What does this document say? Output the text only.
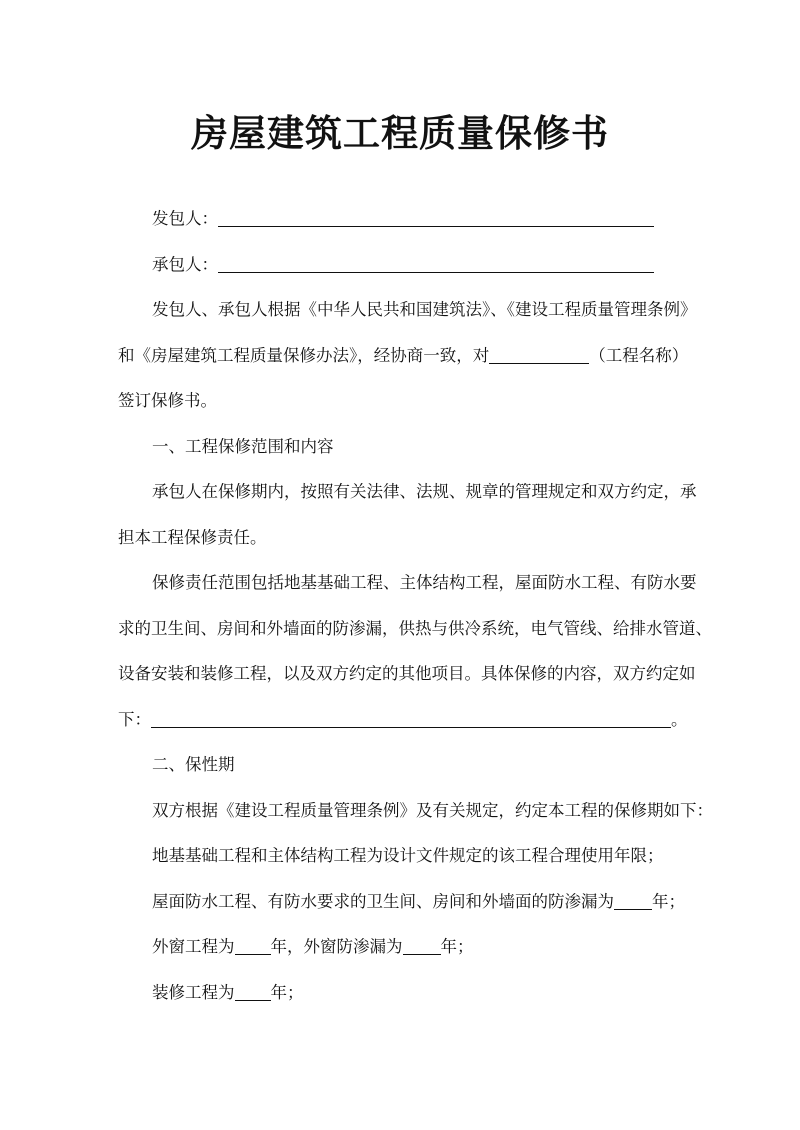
房屋建筑工程质量保修书
发包人：
承包人：
发包人、承包人根据《中华人民共和国建筑法》、《建设工程质量管理条例》
和《房屋建筑工程质量保修办法》，经协商一致，对	（工程名称）
签订保修书。
一、工程保修范围和内容
承包人在保修期内，按照有关法律、法规、规章的管理规定和双方约定，承
担本工程保修责任。
保修责任范围包括地基基础工程、主体结构工程，屋面防水工程、有防水要
求的卫生间、房间和外墙面的防渗漏，供热与供冷系统，电气管线、给排水管道、
设备安装和装修工程，以及双方约定的其他项目。具体保修的内容，双方约定如
下：	。
二、保性期
双方根据《建设工程质量管理条例》及有关规定，约定本工程的保修期如下：
地基基础工程和主体结构工程为设计文件规定的该工程合理使用年限；
屋面防水工程、有防水要求的卫生间、房间和外墙面的防渗漏为 年；
外窗工程为 年，外窗防渗漏为 年；
装修工程为 年；
